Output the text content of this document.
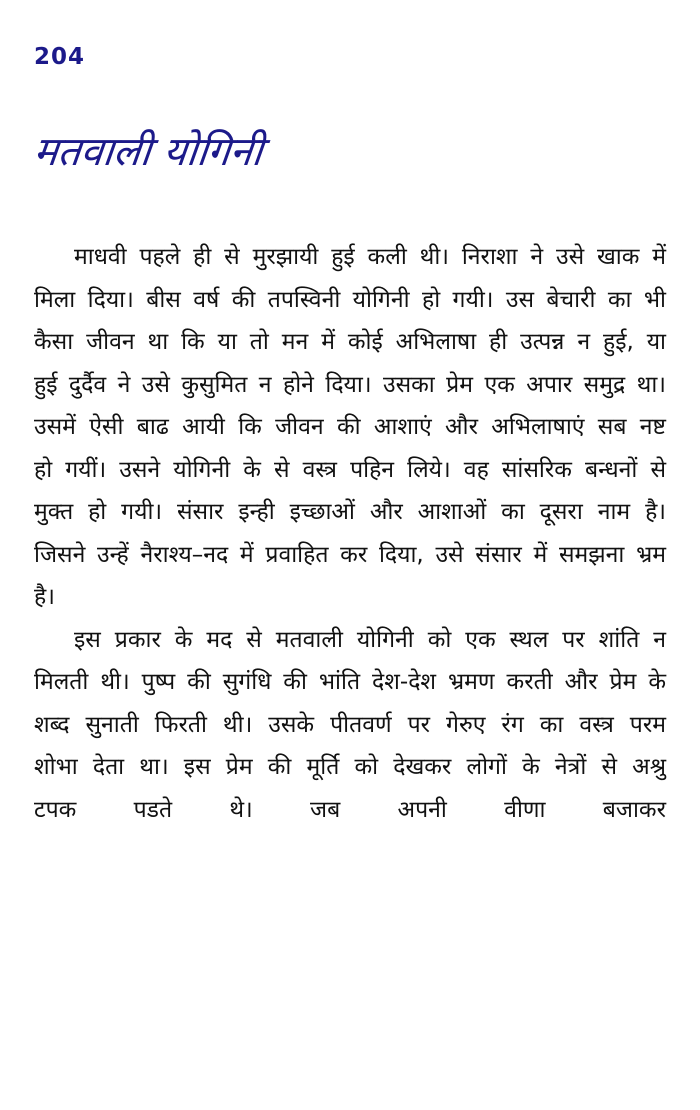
204
मतवाली योगिनी

माधवी पहले ही से मुरझायी हुई कली थी। निराशा ने उसे खाक में मिला दिया। बीस वर्ष की तपस्विनी योगिनी हो गयी। उस बेचारी का भी कैसा जीवन था कि या तो मन में कोई अभिलाषा ही उत्पन्न न हुई, या हुई दुर्दैव ने उसे कुसुमित न होने दिया। उसका प्रेम एक अपार समुद्र था। उसमें ऐसी बाढ आयी कि जीवन की आशाएं और अभिलाषाएं सब नष्ट हो गयीं। उसने योगिनी के से वस्त्र पहिन लिये। वह सांसरिक बन्धनों से मुक्त हो गयी। संसार इन्ही इच्छाओं और आशाओं का दूसरा नाम है। जिसने उन्हें नैराश्य–नद में प्रवाहित कर दिया, उसे संसार में समझना भ्रम है।

इस प्रकार के मद से मतवाली योगिनी को एक स्थल पर शांति न मिलती थी। पुष्प की सुगंधि की भांति देश-देश भ्रमण करती और प्रेम के शब्द सुनाती फिरती थी। उसके पीतवर्ण पर गेरुए रंग का वस्त्र परम शोभा देता था। इस प्रेम की मूर्ति को देखकर लोगों के नेत्रों से अश्रु टपक पडते थे। जब अपनी वीणा बजाकर
